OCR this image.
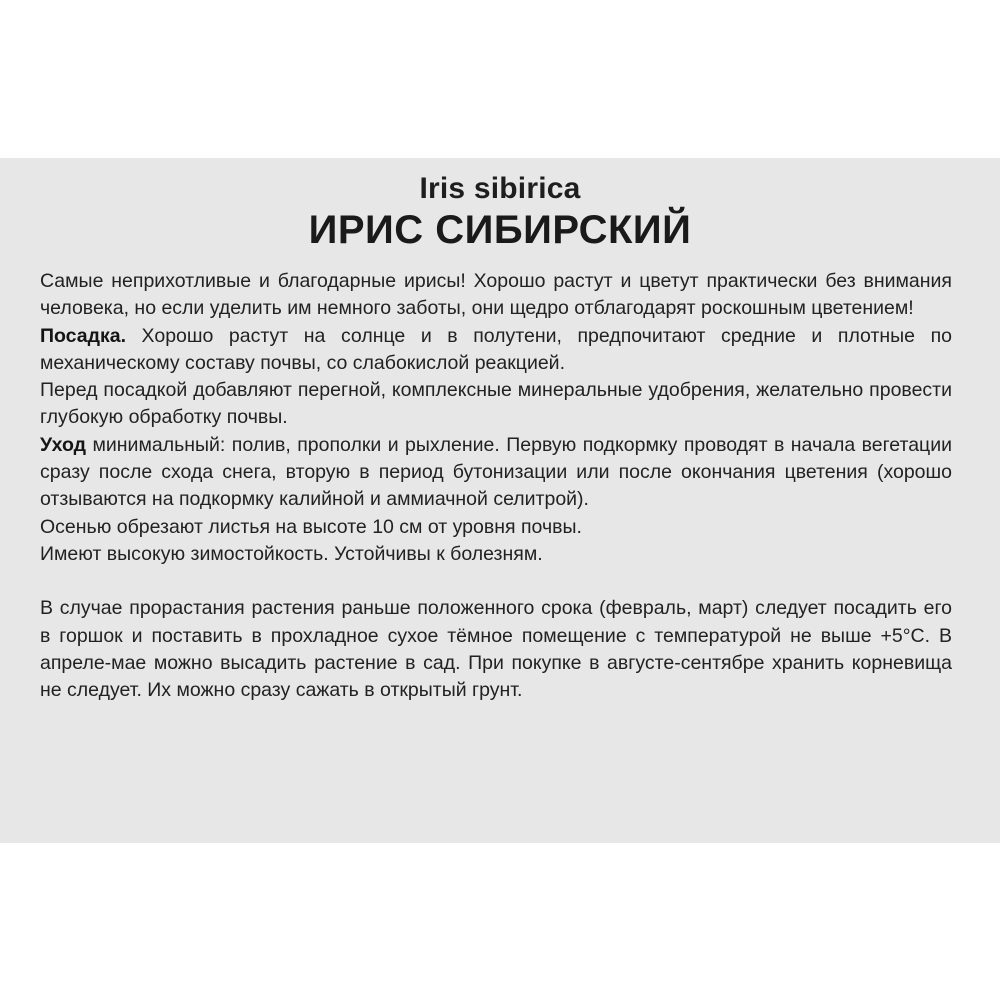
Iris sibirica
ИРИС СИБИРСКИЙ

Самые неприхотливые и благодарные ирисы! Хорошо растут и цветут практически без внимания человека, но если уделить им немного заботы, они щедро отблагодарят роскошным цветением!

Посадка. Хорошо растут на солнце и в полутени, предпочитают средние и плотные по механическому составу почвы, со слабокислой реакцией.

Перед посадкой добавляют перегной, комплексные минеральные удобрения, желательно провести глубокую обработку почвы.

Уход минимальный: полив, прополки и рыхление. Первую подкормку проводят в начала вегетации сразу после схода снега, вторую в период бутонизации или после окончания цветения (хорошо отзываются на подкормку калийной и аммиачной селитрой).

Осенью обрезают листья на высоте 10 см от уровня почвы.

Имеют высокую зимостойкость. Устойчивы к болезням.

В случае прорастания растения раньше положенного срока (февраль, март) следует посадить его в горшок и поставить в прохладное сухое тёмное помещение с температурой не выше +5°С. В апреле-мае можно высадить растение в сад. При покупке в августе-сентябре хранить корневища не следует. Их можно сразу сажать в открытый грунт.
